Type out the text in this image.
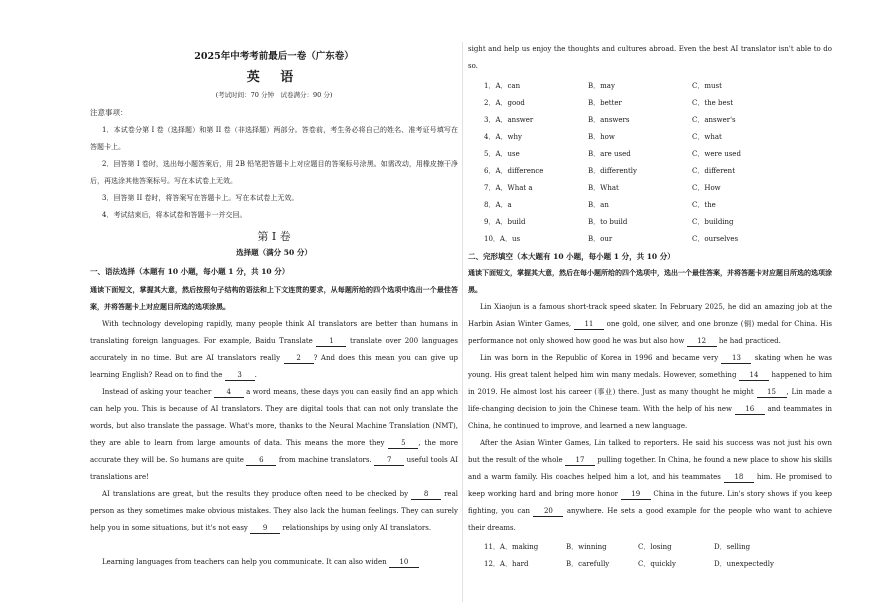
2025年中考考前最后一卷（广东卷）
英 语
(考试时间：70 分钟　试卷满分：90 分)
注意事项：

1．本试卷分第 I 卷（选择题）和第 II 卷（非选择题）两部分。答卷前，考生务必将自己的姓名、准考证号填写在答题卡上。

2．回答第 I 卷时，选出每小题答案后，用 2B 铅笔把答题卡上对应题目的答案标号涂黑。如需改动，用橡皮擦干净后，再选涂其他答案标号。写在本试卷上无效。

3．回答第 II 卷时，将答案写在答题卡上。写在本试卷上无效。

4．考试结束后，将本试卷和答题卡一并交回。

第 I 卷
选择题（满分 50 分）
一、语法选择（本题有 10 小题，每小题 1 分，共 10 分）

通读下面短文，掌握其大意，然后按照句子结构的语法和上下文连贯的要求，从每题所给的四个选项中选出一个最佳答案，并将答题卡上对应题目所选的选项涂黑。

With technology developing rapidly, many people think AI translators are better than humans in translating foreign languages. For example, Baidu Translate 1 translate over 200 languages accurately in no time. But are AI translators really 2 ? And does this mean you can give up learning English? Read on to find the 3 .

Instead of asking your teacher 4 a word means, these days you can easily find an app which can help you. This is because of AI translators. They are digital tools that can not only translate the words, but also translate the passage. What's more, thanks to the Neural Machine Translation (NMT), they are able to learn from large amounts of data. This means the more they 5 , the more accurate they will be. So humans are quite 6 from machine translators. 7 useful tools AI translations are!

AI translations are great, but the results they produce often need to be checked by 8 real person as they sometimes make obvious mistakes. They also lack the human feelings. They can surely help you in some situations, but it's not easy 9 relationships by using only AI translators.

Learning languages from teachers can help you communicate. It can also widen 10

sight and help us enjoy the thoughts and cultures abroad. Even the best AI translator isn't able to do so.

1．A．can	B．may	C．must
2．A．good	B．better	C．the best
3．A．answer	B．answers	C．answer's
4．A．why	B．how	C．what
5．A．use	B．are used	C．were used
6．A．difference	B．differently	C．different
7．A．What a	B．What	C．How
8．A．a	B．an	C．the
9．A．build	B．to build	C．building
10．A．us	B．our	C．ourselves
二、完形填空（本大题有 10 小题，每小题 1 分，共 10 分）

通读下面短文，掌握其大意，然后在每小题所给的四个选项中，选出一个最佳答案，并将答题卡对应题目所选的选项涂黑。

Lin Xiaojun is a famous short-track speed skater. In February 2025, he did an amazing job at the Harbin Asian Winter Games, 11 one gold, one silver, and one bronze (铜) medal for China. His performance not only showed how good he was but also how 12 he had practiced.

Lin was born in the Republic of Korea in 1996 and became very 13 skating when he was young. His great talent helped him win many medals. However, something 14 happened to him in 2019. He almost lost his career (事业) there. Just as many thought he might 15 , Lin made a life-changing decision to join the Chinese team. With the help of his new 16 and teammates in China, he continued to improve, and learned a new language.

After the Asian Winter Games, Lin talked to reporters. He said his success was not just his own but the result of the whole 17 pulling together. In China, he found a new place to show his skills and a warm family. His coaches helped him a lot, and his teammates 18 him. He promised to keep working hard and bring more honor 19 China in the future. Lin's story shows if you keep fighting, you can 20 anywhere. He sets a good example for the people who want to achieve their dreams.

11．A．making	B．winning	C．losing	D．selling
12．A．hard	B．carefully	C．quickly	D．unexpectedly
